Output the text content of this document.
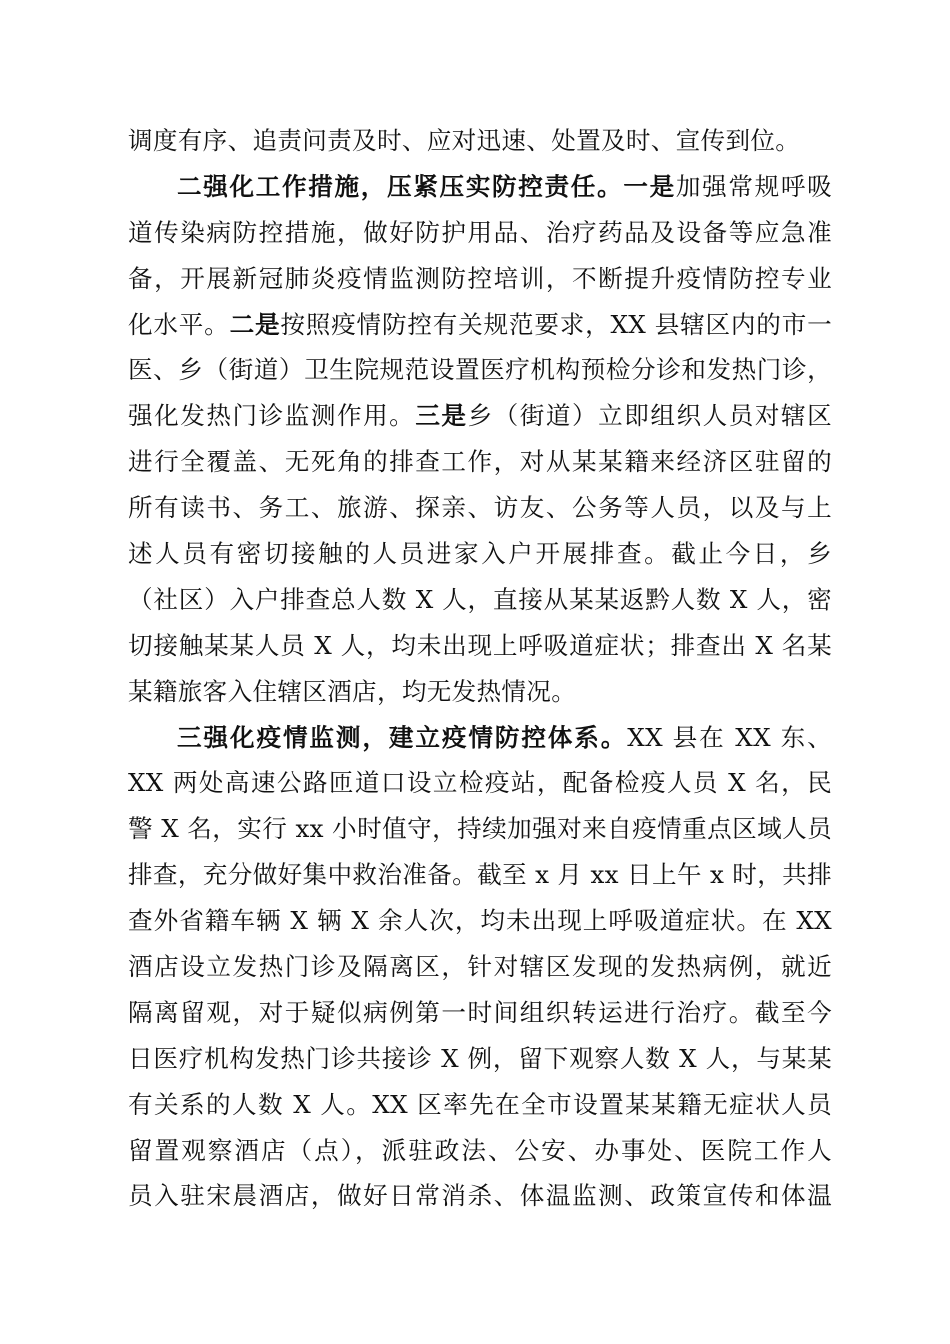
调度有序、追责问责及时、应对迅速、处置及时、宣传到位。
二强化工作措施，压紧压实防控责任。一是加强常规呼吸
道传染病防控措施，做好防护用品、治疗药品及设备等应急准
备，开展新冠肺炎疫情监测防控培训，不断提升疫情防控专业
化水平。二是按照疫情防控有关规范要求，XX 县辖区内的市一
医、乡（街道）卫生院规范设置医疗机构预检分诊和发热门诊，
强化发热门诊监测作用。三是乡（街道）立即组织人员对辖区
进行全覆盖、无死角的排查工作，对从某某籍来经济区驻留的
所有读书、务工、旅游、探亲、访友、公务等人员，以及与上
述人员有密切接触的人员进家入户开展排查。截止今日，乡
（社区）入户排查总人数 X 人，直接从某某返黔人数 X 人，密
切接触某某人员 X 人，均未出现上呼吸道症状；排查出 X 名某
某籍旅客入住辖区酒店，均无发热情况。
三强化疫情监测，建立疫情防控体系。XX 县在 XX 东、
XX 两处高速公路匝道口设立检疫站，配备检疫人员 X 名，民
警 X 名，实行 xx 小时值守，持续加强对来自疫情重点区域人员
排查，充分做好集中救治准备。截至 x 月 xx 日上午 x 时，共排
查外省籍车辆 X 辆 X 余人次，均未出现上呼吸道症状。在 XX
酒店设立发热门诊及隔离区，针对辖区发现的发热病例，就近
隔离留观，对于疑似病例第一时间组织转运进行治疗。截至今
日医疗机构发热门诊共接诊 X 例，留下观察人数 X 人，与某某
有关系的人数 X 人。XX 区率先在全市设置某某籍无症状人员
留置观察酒店（点），派驻政法、公安、办事处、医院工作人
员入驻宋晨酒店，做好日常消杀、体温监测、政策宣传和体温
